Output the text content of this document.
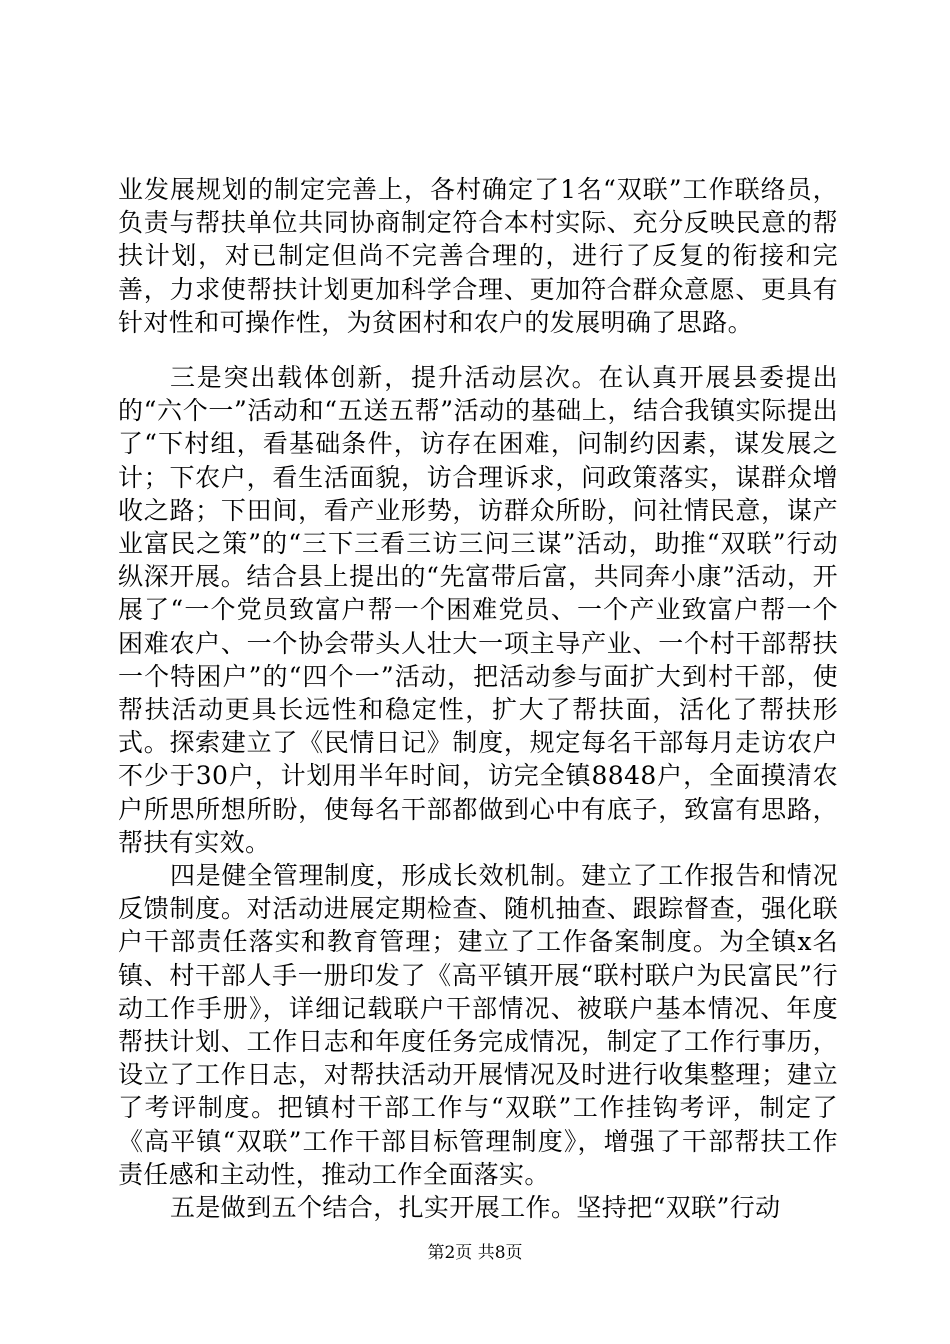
业发展规划的制定完善上，各村确定了1名“双联”工作联络员，负责与帮扶单位共同协商制定符合本村实际、充分反映民意的帮扶计划，对已制定但尚不完善合理的，进行了反复的衔接和完善，力求使帮扶计划更加科学合理、更加符合群众意愿、更具有针对性和可操作性，为贫困村和农户的发展明确了思路。

三是突出载体创新，提升活动层次。在认真开展县委提出的“六个一”活动和“五送五帮”活动的基础上，结合我镇实际提出了“下村组，看基础条件，访存在困难，问制约因素，谋发展之计；下农户，看生活面貌，访合理诉求，问政策落实，谋群众增收之路；下田间，看产业形势，访群众所盼，问社情民意，谋产业富民之策”的“三下三看三访三问三谋”活动，助推“双联”行动纵深开展。结合县上提出的“先富带后富，共同奔小康”活动，开展了“一个党员致富户帮一个困难党员、一个产业致富户帮一个困难农户、一个协会带头人壮大一项主导产业、一个村干部帮扶一个特困户”的“四个一”活动，把活动参与面扩大到村干部，使帮扶活动更具长远性和稳定性，扩大了帮扶面，活化了帮扶形式。探索建立了《民情日记》制度，规定每名干部每月走访农户不少于30户，计划用半年时间，访完全镇8848户，全面摸清农户所思所想所盼，使每名干部都做到心中有底子，致富有思路，帮扶有实效。

四是健全管理制度，形成长效机制。建立了工作报告和情况反馈制度。对活动进展定期检查、随机抽查、跟踪督查，强化联户干部责任落实和教育管理；建立了工作备案制度。为全镇x名镇、村干部人手一册印发了《高平镇开展“联村联户为民富民”行动工作手册》，详细记载联户干部情况、被联户基本情况、年度帮扶计划、工作日志和年度任务完成情况，制定了工作行事历，设立了工作日志，对帮扶活动开展情况及时进行收集整理；建立了考评制度。把镇村干部工作与“双联”工作挂钩考评，制定了《高平镇“双联”工作干部目标管理制度》，增强了干部帮扶工作责任感和主动性，推动工作全面落实。

五是做到五个结合，扎实开展工作。坚持把“双联”行动

第2页 共8页
